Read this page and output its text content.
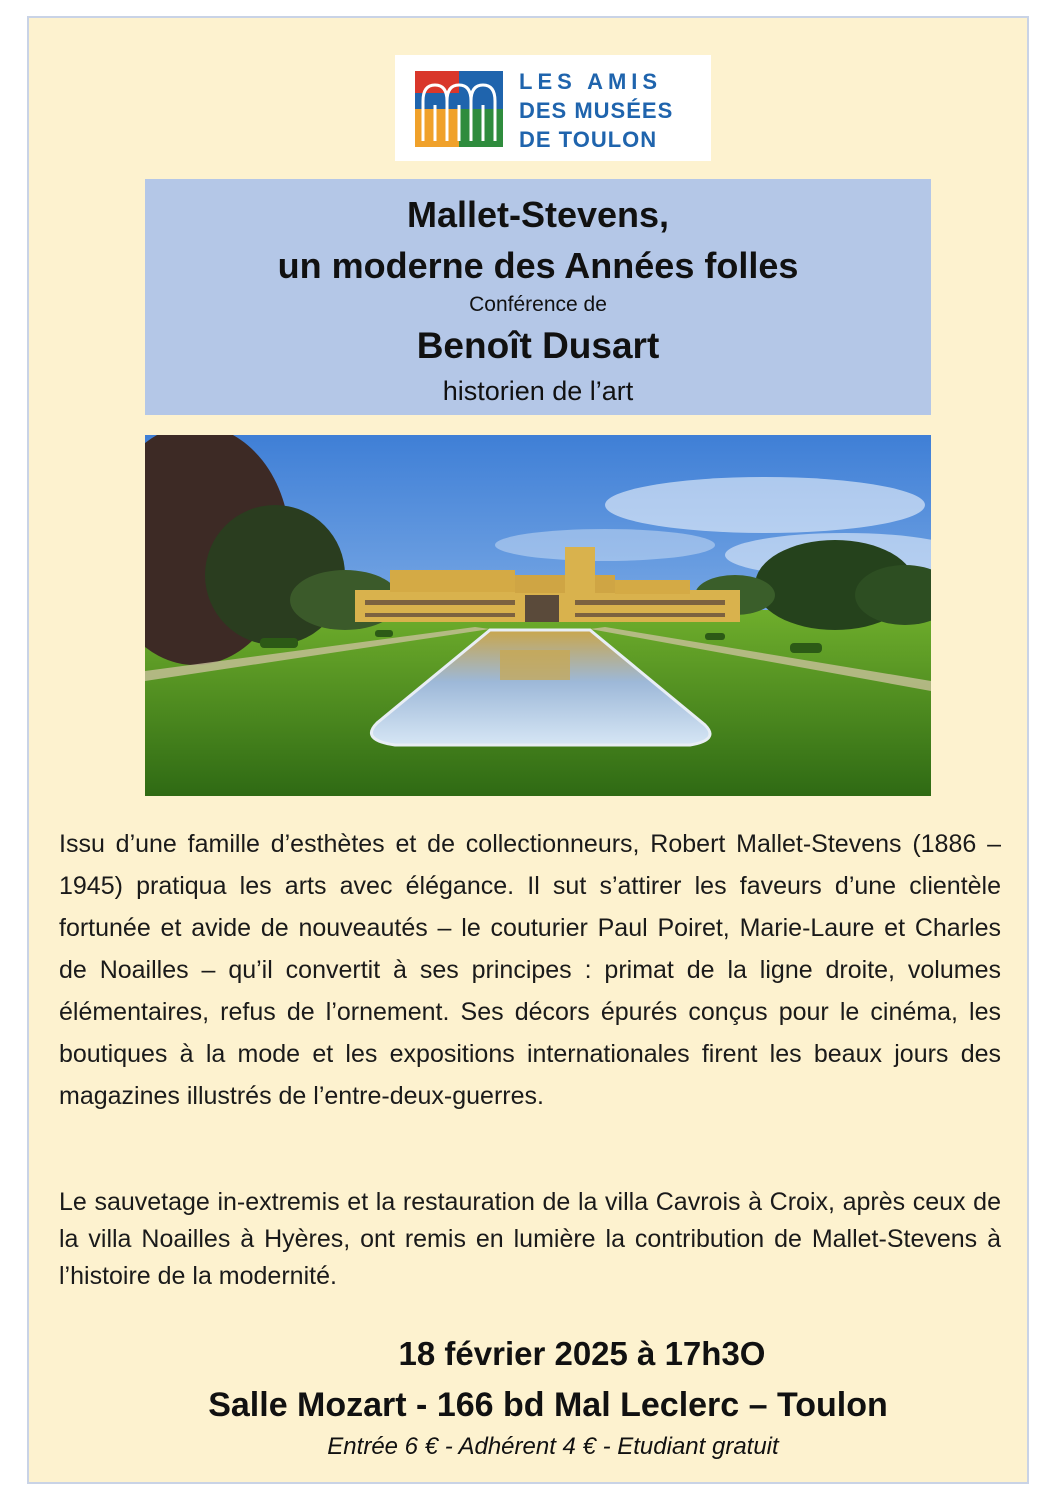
LES AMIS
DES MUSÉES
DE TOULON
Mallet-Stevens,
un moderne des Années folles
Conférence de
Benoît Dusart
historien de l’art
Issu d’une famille d’esthètes et de collectionneurs, Robert Mallet-Stevens (1886 – 1945) pratiqua les arts avec élégance. Il sut s’attirer les faveurs d’une clientèle fortunée et avide de nouveautés – le couturier Paul Poiret, Marie-Laure et Charles de Noailles – qu’il convertit à ses principes : primat de la ligne droite, volumes élémentaires, refus de l’ornement. Ses décors épurés conçus pour le cinéma, les boutiques à la mode et les expositions internationales firent les beaux jours des magazines illustrés de l’entre-deux-guerres.
Le sauvetage in-extremis et la restauration de la villa Cavrois à Croix, après ceux de la villa Noailles à Hyères, ont remis en lumière la contribution de Mallet-Stevens à l’histoire de la modernité.
18 février 2025 à 17h3O
Salle Mozart - 166 bd Mal Leclerc – Toulon
Entrée 6 € - Adhérent 4 € - Etudiant gratuit
